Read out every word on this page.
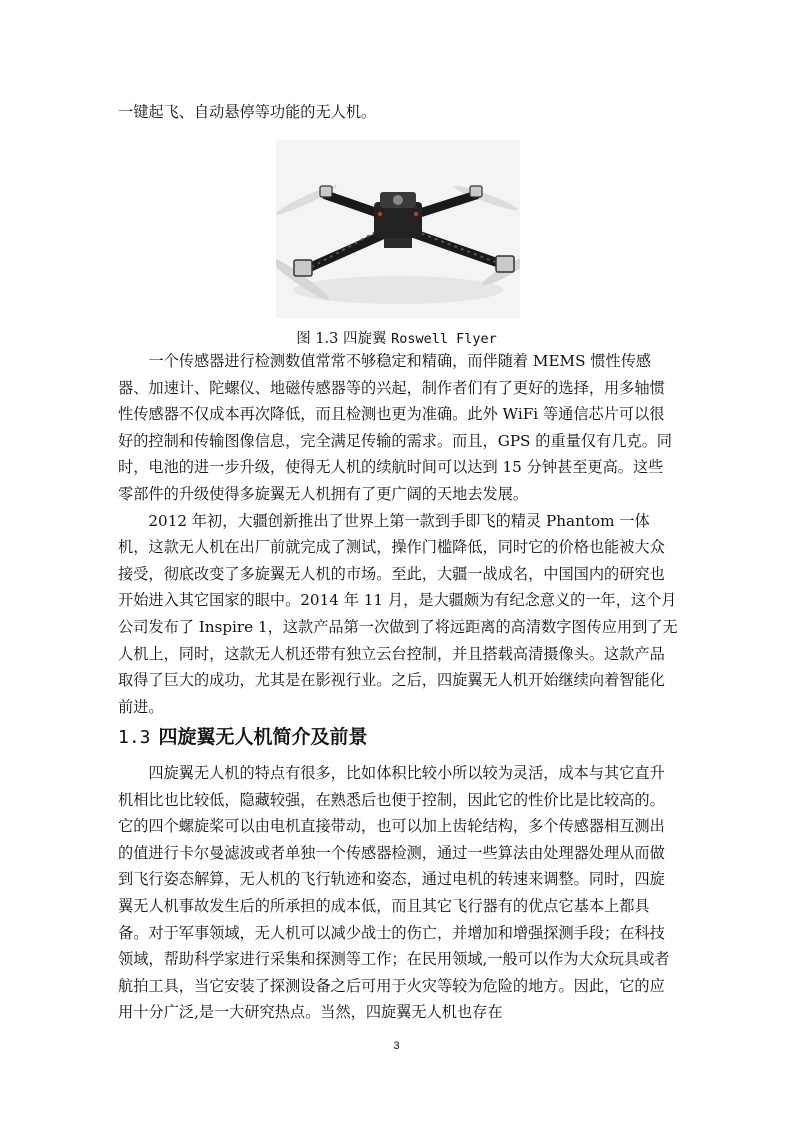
一键起飞、自动悬停等功能的无人机。

图 1.3 四旋翼 Roswell Flyer

一个传感器进行检测数值常常不够稳定和精确，而伴随着 MEMS 惯性传感器、加速计、陀螺仪、地磁传感器等的兴起，制作者们有了更好的选择，用多轴惯性传感器不仅成本再次降低，而且检测也更为准确。此外 WiFi 等通信芯片可以很好的控制和传输图像信息，完全满足传输的需求。而且，GPS 的重量仅有几克。同时，电池的进一步升级，使得无人机的续航时间可以达到 15 分钟甚至更高。这些零部件的升级使得多旋翼无人机拥有了更广阔的天地去发展。

2012 年初，大疆创新推出了世界上第一款到手即飞的精灵 Phantom 一体机，这款无人机在出厂前就完成了测试，操作门槛降低，同时它的价格也能被大众接受，彻底改变了多旋翼无人机的市场。至此，大疆一战成名，中国国内的研究也开始进入其它国家的眼中。2014 年 11 月，是大疆颇为有纪念意义的一年，这个月公司发布了 Inspire 1，这款产品第一次做到了将远距离的高清数字图传应用到了无人机上，同时，这款无人机还带有独立云台控制，并且搭载高清摄像头。这款产品取得了巨大的成功，尤其是在影视行业。之后，四旋翼无人机开始继续向着智能化前进。

1.3 四旋翼无人机简介及前景

四旋翼无人机的特点有很多，比如体积比较小所以较为灵活，成本与其它直升机相比也比较低，隐藏较强，在熟悉后也便于控制，因此它的性价比是比较高的。它的四个螺旋桨可以由电机直接带动，也可以加上齿轮结构，多个传感器相互测出的值进行卡尔曼滤波或者单独一个传感器检测，通过一些算法由处理器处理从而做到飞行姿态解算，无人机的飞行轨迹和姿态，通过电机的转速来调整。同时，四旋翼无人机事故发生后的所承担的成本低，而且其它飞行器有的优点它基本上都具备。对于军事领域，无人机可以减少战士的伤亡，并增加和增强探测手段；在科技领域，帮助科学家进行采集和探测等工作；在民用领域,一般可以作为大众玩具或者航拍工具，当它安装了探测设备之后可用于火灾等较为危险的地方。因此，它的应用十分广泛,是一大研究热点。当然，四旋翼无人机也存在

3
